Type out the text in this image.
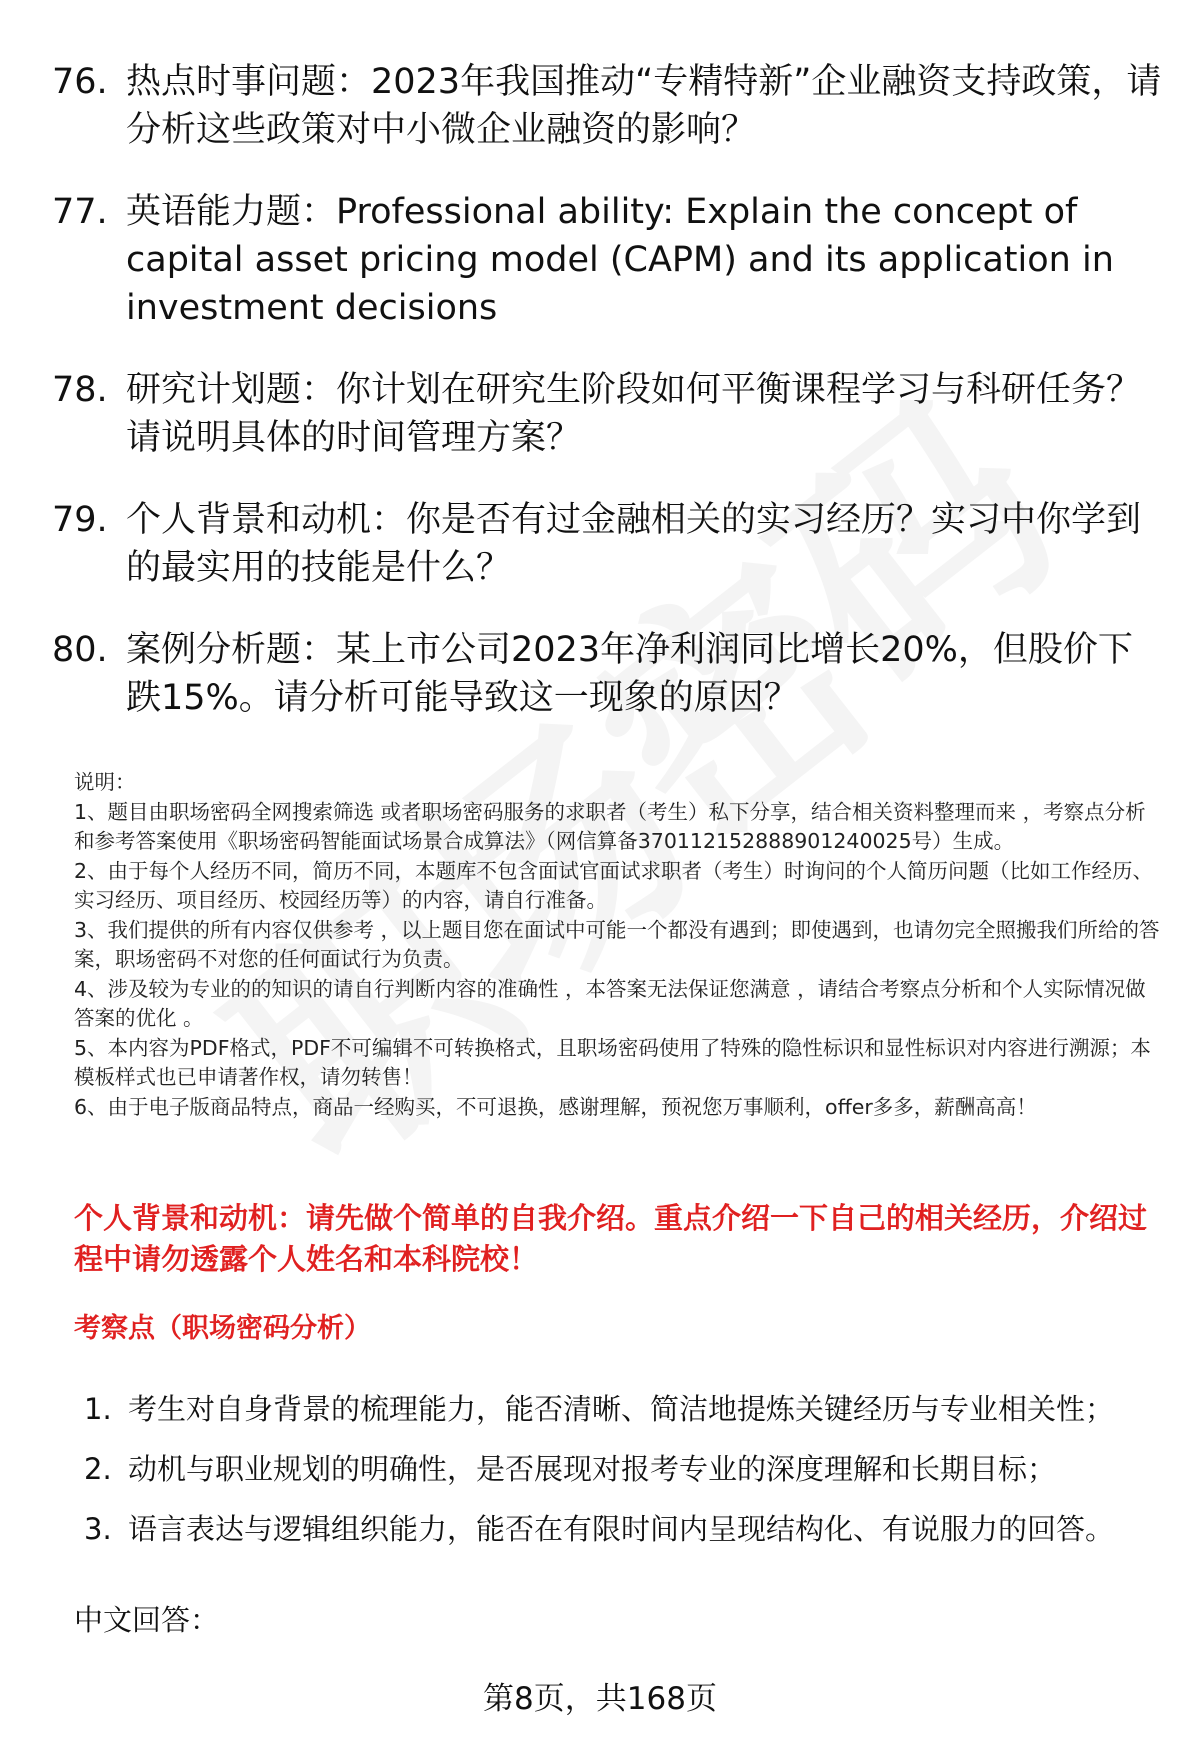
76. 热点时事问题：2023年我国推动“专精特新”企业融资支持政策，请分析这些政策对中小微企业融资的影响？
77. 英语能力题：Professional ability: Explain the concept of capital asset pricing model (CAPM) and its application in investment decisions
78. 研究计划题：你计划在研究生阶段如何平衡课程学习与科研任务？请说明具体的时间管理方案？
79. 个人背景和动机：你是否有过金融相关的实习经历？实习中你学到的最实用的技能是什么？
80. 案例分析题：某上市公司2023年净利润同比增长20%，但股价下跌15%。请分析可能导致这一现象的原因？
说明：
1、题目由职场密码全网搜索筛选 或者职场密码服务的求职者（考生）私下分享，结合相关资料整理而来 ，考察点分析和参考答案使用《职场密码智能面试场景合成算法》（网信算备370112152888901240025号）生成。
2、由于每个人经历不同，简历不同，本题库不包含面试官面试求职者（考生）时询问的个人简历问题（比如工作经历、实习经历、项目经历、校园经历等）的内容，请自行准备。
3、我们提供的所有内容仅供参考 ，以上题目您在面试中可能一个都没有遇到；即使遇到，也请勿完全照搬我们所给的答案，职场密码不对您的任何面试行为负责。
4、涉及较为专业的的知识的请自行判断内容的准确性 ，本答案无法保证您满意 ，请结合考察点分析和个人实际情况做答案的优化 。
5、本内容为PDF格式，PDF不可编辑不可转换格式，且职场密码使用了特殊的隐性标识和显性标识对内容进行溯源；本模板样式也已申请著作权，请勿转售！
6、由于电子版商品特点，商品一经购买，不可退换，感谢理解，预祝您万事顺利，offer多多，薪酬高高！
个人背景和动机：请先做个简单的自我介绍。重点介绍一下自己的相关经历，介绍过程中请勿透露个人姓名和本科院校！
考察点（职场密码分析）
1. 考生对自身背景的梳理能力，能否清晰、简洁地提炼关键经历与专业相关性；
2. 动机与职业规划的明确性，是否展现对报考专业的深度理解和长期目标；
3. 语言表达与逻辑组织能力，能否在有限时间内呈现结构化、有说服力的回答。
中文回答：
第8页，共168页
